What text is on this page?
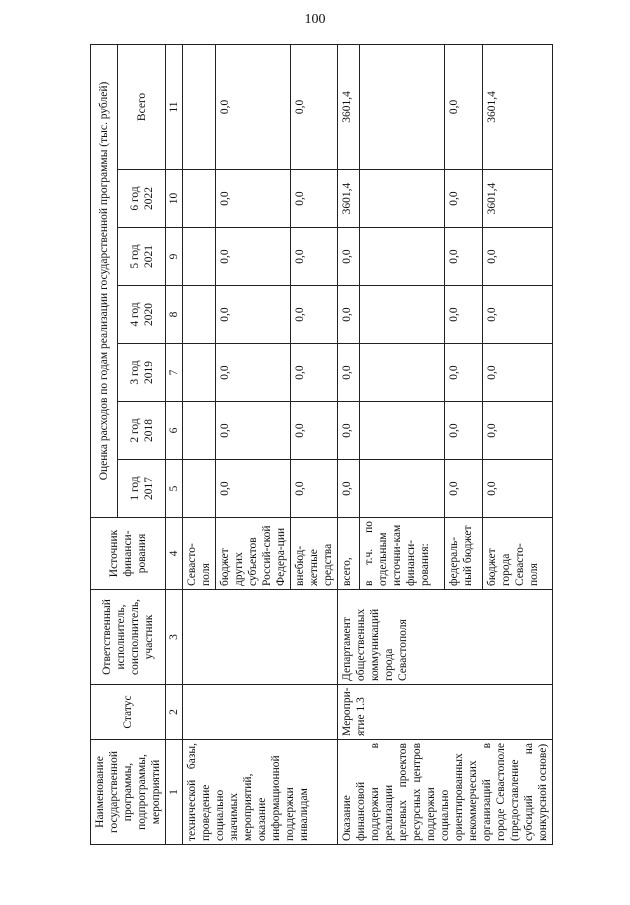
100
Наименование государственной программы, подпрограммы, мероприятий	Статус	Ответственный исполнитель, соисполнитель, участник	Источник финанси-рования	Оценка расходов по годам реализации государственной программы (тыс. рублей)						
				1 год 2017	2 год 2018	3 год 2019	4 год 2020	5 год 2021	6 год 2022	Всего
1	2	3	4	5	6	7	8	9	10	11
технической базы, проведение социально значимых мероприятий, оказание информационной поддержки инвалидам			Севасто-поля							
			бюджет других субъектов Россий-ской Федера-ции	0,0	0,0	0,0	0,0	0,0	0,0	0,0
			внебюд-жетные средства	0,0	0,0	0,0	0,0	0,0	0,0	0,0
Оказание финансовой поддержки в реализации целевых проектов ресурсных центров поддержки социально ориентированных некоммерческих организаций в городе Севастополе (предоставление субсидий на конкурсной основе)	Меропри-ятие 1.3	Департамент общественных коммуникаций города Севастополя	всего,	0,0	0,0	0,0	0,0	0,0	3601,4	3601,4
			в т.ч. по отдельным источни-кам финанси-рования:							
			федераль-ный бюджет	0,0	0,0	0,0	0,0	0,0	0,0	0,0
			бюджет города Севасто-поля	0,0	0,0	0,0	0,0	0,0	3601,4	3601,4
